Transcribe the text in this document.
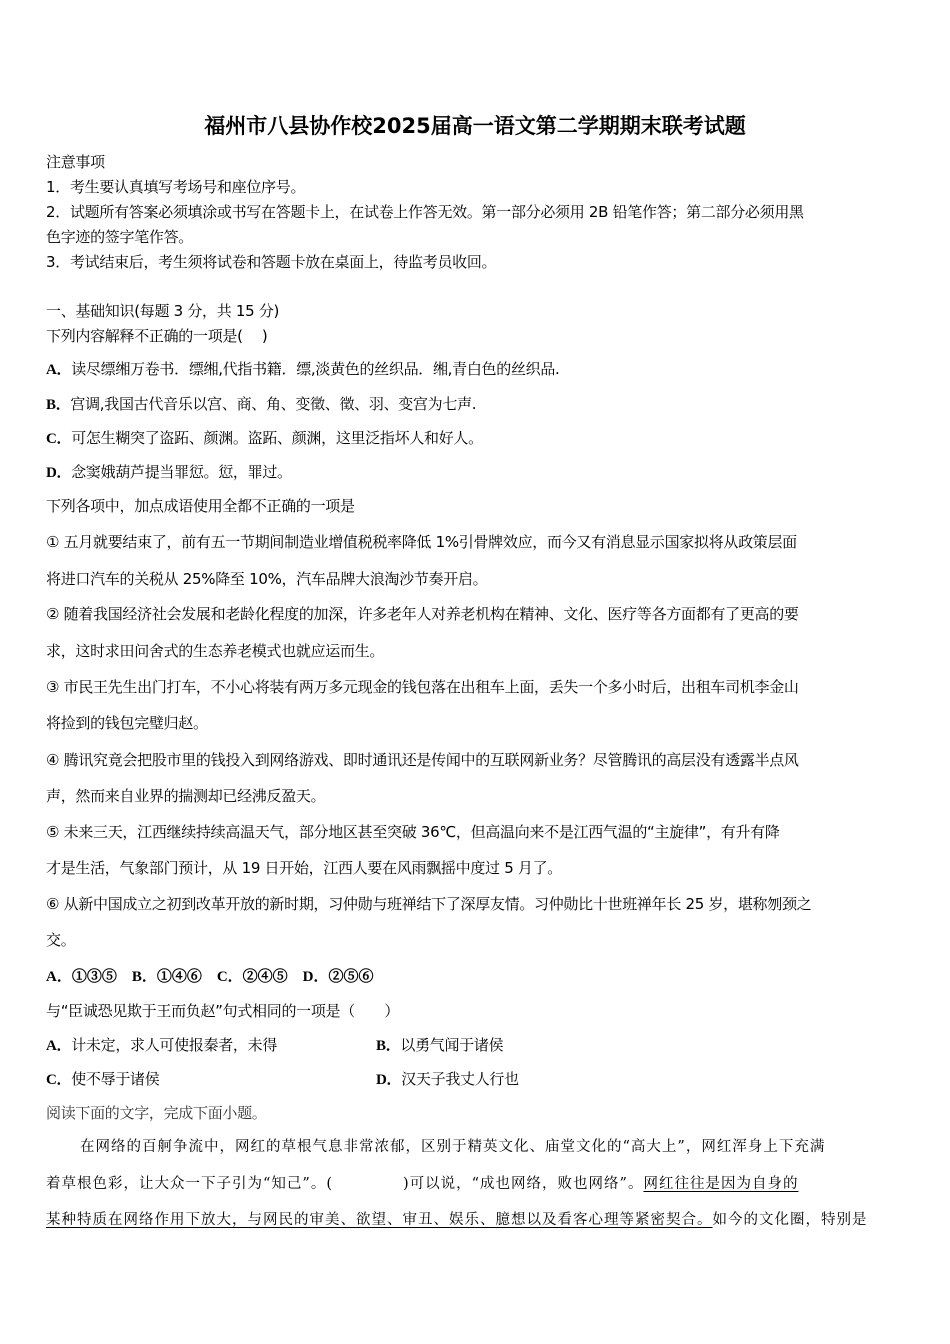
福州市八县协作校2025届高一语文第二学期期末联考试题
注意事项
1．考生要认真填写考场号和座位序号。
2．试题所有答案必须填涂或书写在答题卡上，在试卷上作答无效。第一部分必须用 2B 铅笔作答；第二部分必须用黑
色字迹的签字笔作答。
3．考试结束后，考生须将试卷和答题卡放在桌面上，待监考员收回。
一、基础知识(每题 3 分，共 15 分)
下列内容解释不正确的一项是(　 )
A．读尽缥缃万卷书．缥缃,代指书籍．缥,淡黄色的丝织品．缃,青白色的丝织品.
B．宫调,我国古代音乐以宫、商、角、变徵、徵、羽、变宫为七声.
C．可怎生糊突了盗跖、颜渊。盗跖、颜渊，这里泛指坏人和好人。
D．念窦娥葫芦提当罪愆。愆，罪过。
下列各项中，加点成语使用全都不正确的一项是
① 五月就要结束了，前有五一节期间制造业增值税税率降低 1%引骨牌效应，而今又有消息显示国家拟将从政策层面
将进口汽车的关税从 25%降至 10%，汽车品牌大浪淘沙节奏开启。
② 随着我国经济社会发展和老龄化程度的加深，许多老年人对养老机构在精神、文化、医疗等各方面都有了更高的要
求，这时求田问舍式的生态养老模式也就应运而生。
③ 市民王先生出门打车，不小心将装有两万多元现金的钱包落在出租车上面，丢失一个多小时后，出租车司机李金山
将捡到的钱包完璧归赵。
④ 腾讯究竟会把股市里的钱投入到网络游戏、即时通讯还是传闻中的互联网新业务？尽管腾讯的高层没有透露半点风
声，然而来自业界的揣测却已经沸反盈天。
⑤ 未来三天，江西继续持续高温天气，部分地区甚至突破 36℃，但高温向来不是江西气温的“主旋律”，有升有降
才是生活，气象部门预计，从 19 日开始，江西人要在风雨飘摇中度过 5 月了。
⑥ 从新中国成立之初到改革开放的新时期，习仲勋与班禅结下了深厚友情。习仲勋比十世班禅年长 25 岁，堪称刎颈之
交。
A．①③⑤　B．①④⑥　C．②④⑤　D．②⑤⑥
与“臣诚恐见欺于王而负赵”句式相同的一项是（　　）
A．计未定，求人可使报秦者，未得	B．以勇气闻于诸侯
C．使不辱于诸侯	D．汉天子我丈人行也
阅读下面的文字，完成下面小题。
在网络的百舸争流中，网红的草根气息非常浓郁，区别于精英文化、庙堂文化的“高大上”，网红浑身上下充满
着草根色彩，让大众一下子引为“知己”。(	)可以说，“成也网络，败也网络”。网红往往是因为自身的
某种特质在网络作用下放大，与网民的审美、欲望、审丑、娱乐、臆想以及看客心理等紧密契合。如今的文化圈，特别是
